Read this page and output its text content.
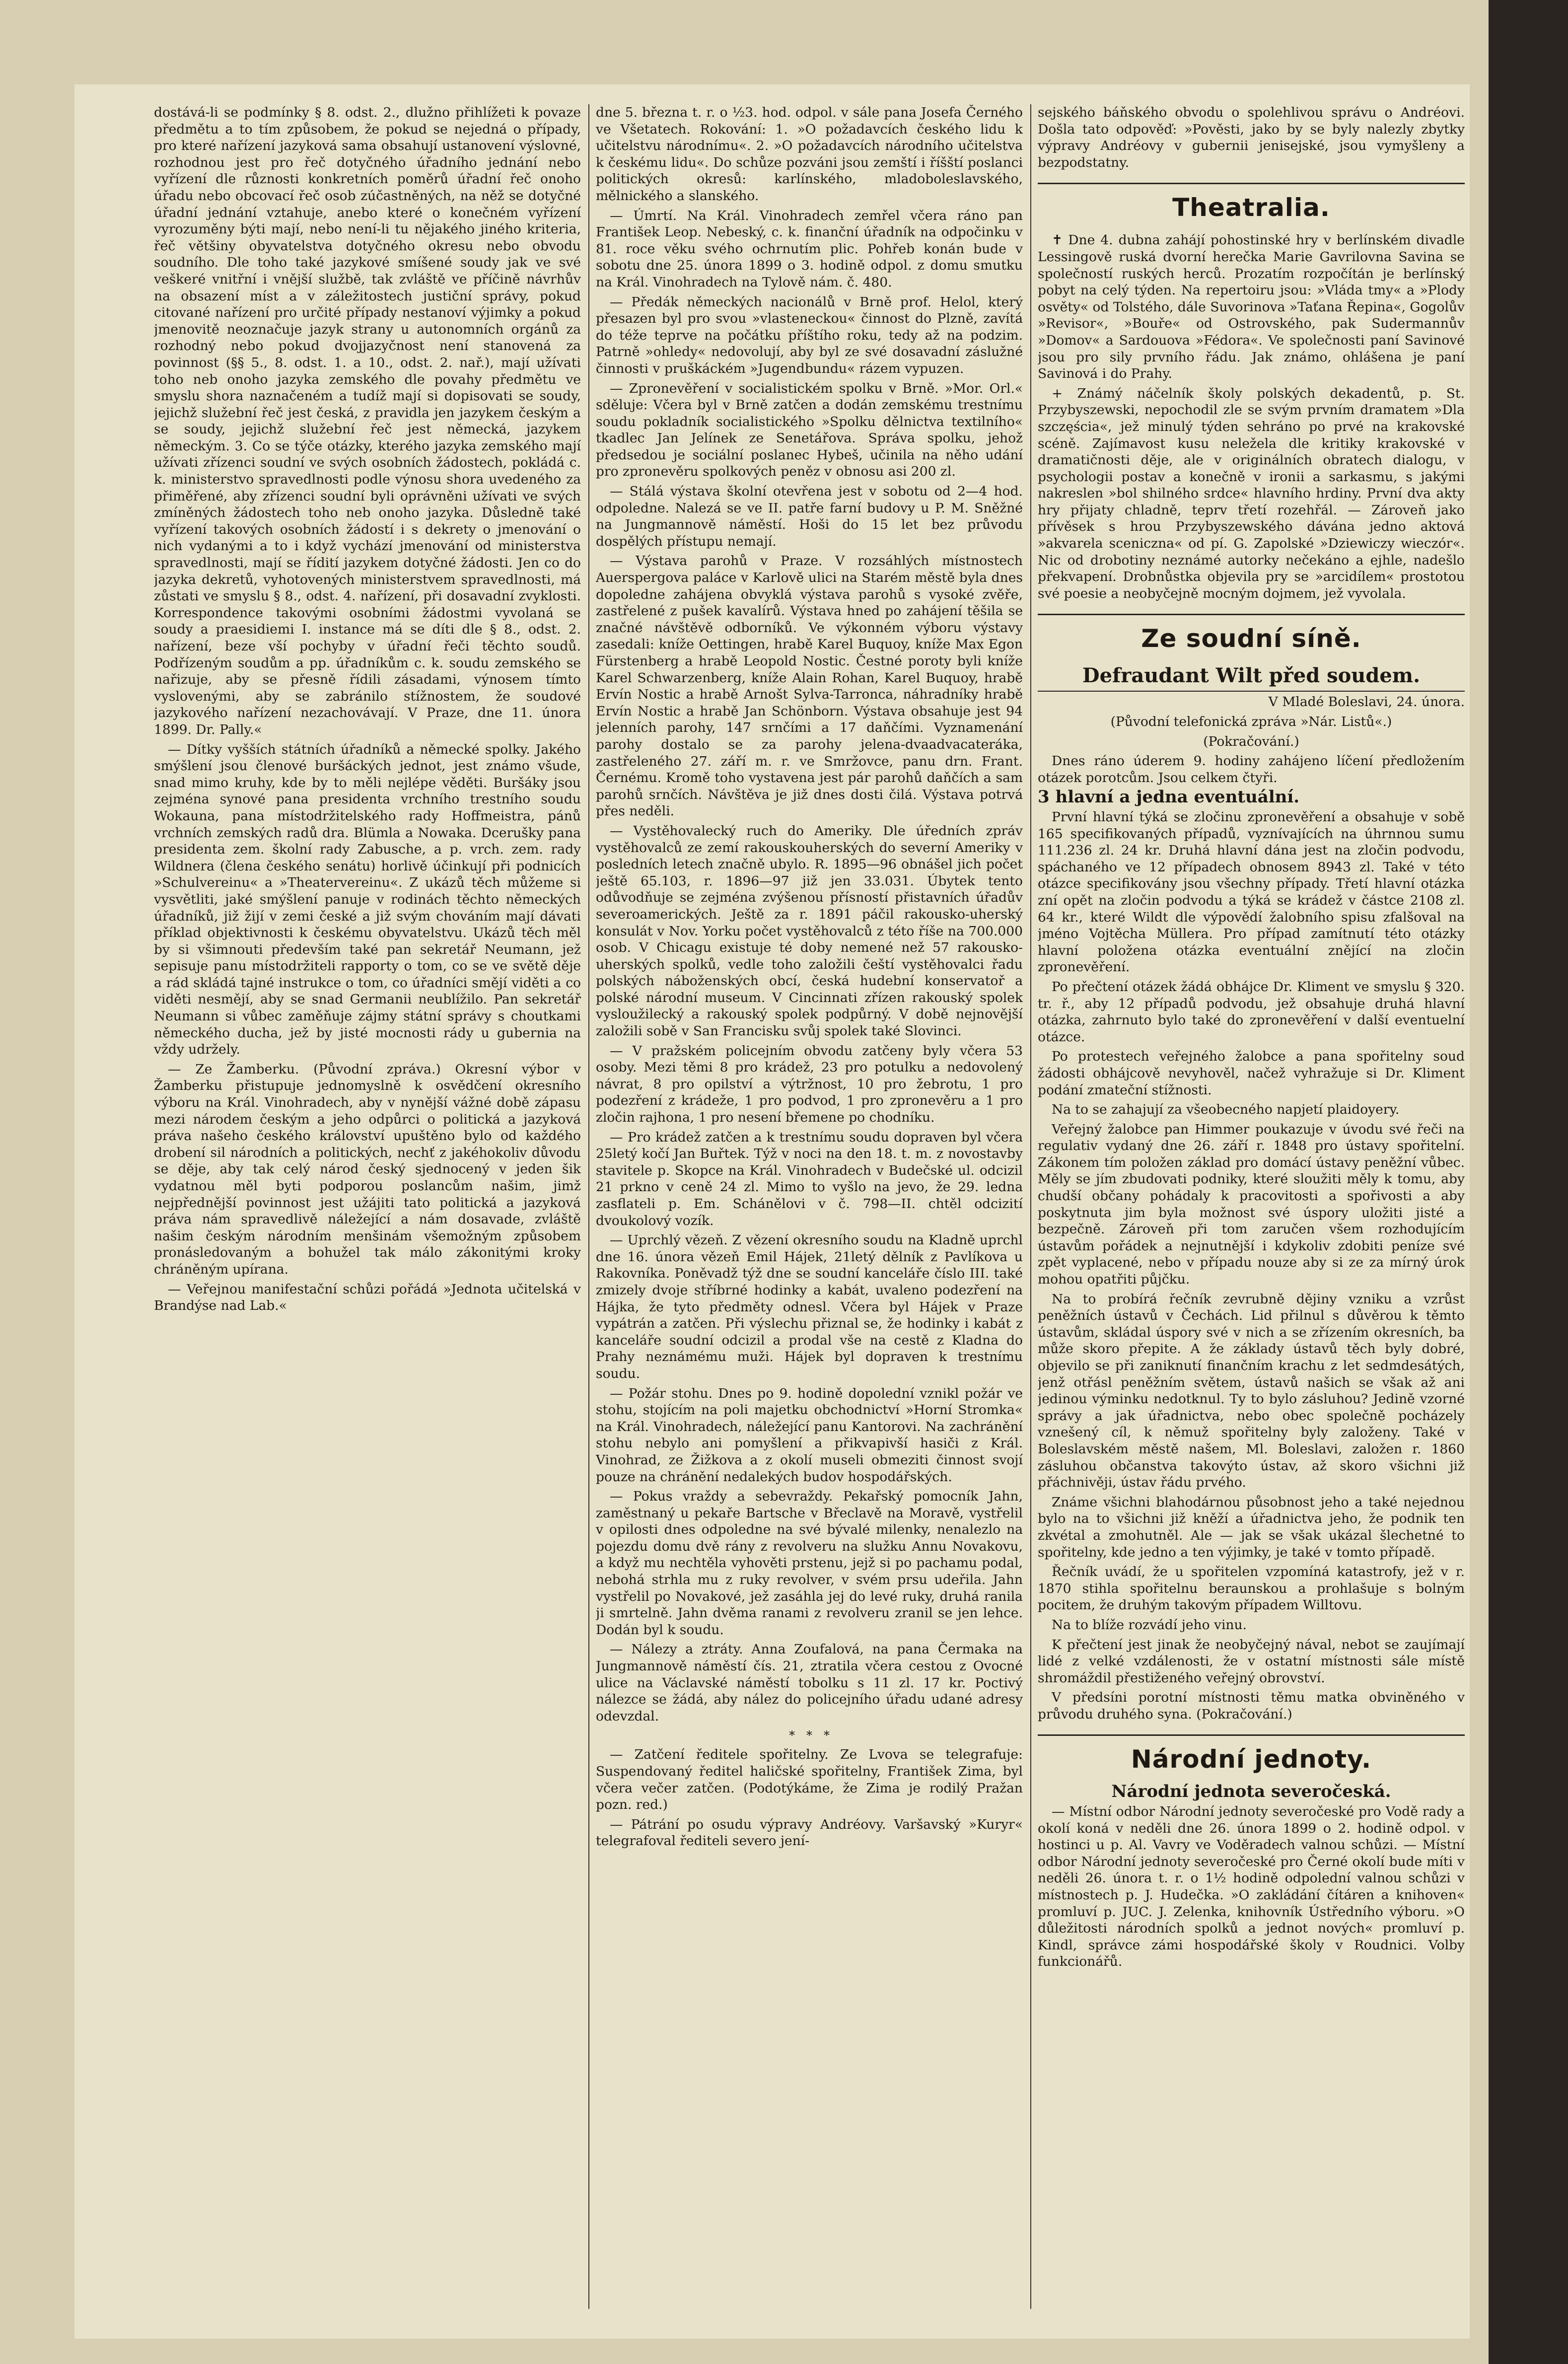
dostává-li se podmínky § 8. odst. 2., dlužno přihlížeti k povaze předmětu a to tím způsobem, že pokud se nejedná o případy, pro které nařízení jazyková sama obsahují ustanovení výslovné, rozhodnou jest pro řeč dotyčného úřadního jednání nebo vyřízení dle různosti konkretních poměrů úřadní řeč onoho úřadu nebo obcovací řeč osob zúčastněných, na něž se dotyčné úřadní jednání vztahuje, anebo které o konečném vyřízení vyrozuměny býti mají, nebo není-li tu nějakého jiného kriteria, řeč většiny obyvatelstva dotyčného okresu nebo obvodu soudního. Dle toho také jazykové smíšené soudy jak ve své veškeré vnitřní i vnější službě, tak zvláště ve příčině návrhův na obsazení míst a v záležitostech justiční správy, pokud citované nařízení pro určité případy nestanoví výjimky a pokud jmenovitě neoznačuje jazyk strany u autonomních orgánů za rozhodný nebo pokud dvojjazyčnost není stanovená za povinnost (§§ 5., 8. odst. 1. a 10., odst. 2. nař.), mají užívati toho neb onoho jazyka zemského dle povahy předmětu ve smyslu shora naznačeném a tudíž mají si dopisovati se soudy, jejichž služební řeč jest česká, z pravidla jen jazykem českým a se soudy, jejichž služební řeč jest německá, jazykem německým. 3. Co se týče otázky, kterého jazyka zemského mají užívati zřízenci soudní ve svých osobních žádostech, pokládá c. k. ministerstvo spravedlnosti podle výnosu shora uvedeného za přiměřené, aby zřízenci soudní byli oprávněni užívati ve svých zmíněných žádostech toho neb onoho jazyka. Důsledně také vyřízení takových osobních žádostí i s dekrety o jmenování o nich vydanými a to i když vychází jmenování od ministerstva spravedlnosti, mají se řídití jazykem dotyčné žádosti. Jen co do jazyka dekretů, vyhotovených ministerstvem spravedlnosti, má zůstati ve smyslu § 8., odst. 4. nařízení, při dosavadní zvyklosti. Korrespondence takovými osobními žádostmi vyvolaná se soudy a praesidiemi I. instance má se díti dle § 8., odst. 2. nařízení, beze vší pochyby v úřadní řeči těchto soudů. Podřízeným soudům a pp. úřadníkům c. k. soudu zemského se nařizuje, aby se přesně řídili zásadami, výnosem tímto vyslovenými, aby se zabránilo stížnostem, že soudové jazykového nařízení nezachovávají. V Praze, dne 11. února 1899. Dr. Pally.«

— Dítky vyšších státních úřadníků a německé spolky. Jakého smýšlení jsou členové buršáckých jednot, jest známo všude, snad mimo kruhy, kde by to měli nejlépe věděti. Buršáky jsou zejména synové pana presidenta vrchního trestního soudu Wokauna, pana místodržitelského rady Hoffmeistra, pánů vrchních zemských radů dra. Blümla a Nowaka. Dcerušky pana presidenta zem. školní rady Zabusche, a p. vrch. zem. rady Wildnera (člena českého senátu) horlivě účinkují při podnicích »Schulvereinu« a »Theatervereinu«. Z ukázů těch můžeme si vysvětliti, jaké smýšlení panuje v rodinách těchto německých úřadníků, již žijí v zemi české a již svým chováním mají dávati příklad objektivnosti k českému obyvatelstvu. Ukázů těch měl by si všimnouti především také pan sekretář Neumann, jež sepisuje panu místodržiteli rapporty o tom, co se ve světě děje a rád skládá tajné instrukce o tom, co úřadníci smějí viděti a co viděti nesmějí, aby se snad Germanii neublížilo. Pan sekretář Neumann si vůbec zaměňuje zájmy státní správy s choutkami německého ducha, jež by jisté mocnosti rády u guberniа na vždy udržely.

— Ze Žamberku. (Původní zpráva.) Okresní výbor v Žamberku přistupuje jednomyslně k osvědčení okresního výboru na Král. Vinohradech, aby v nynější vážné době zápasu mezi národem českým a jeho odpůrci o politická a jazyková práva našeho českého království upuštěno bylo od každého drobení sil národních a politických, nechť z jakéhokoliv důvodu se děje, aby tak celý národ český sjednocený v jeden šik vydatnou měl byti podporou poslancům našim, jimž nejpřednější povinnost jest užájiti tato politická a jazyková práva nám spravedlivě náležející a nám dosavade, zvláště našim českým národním menšinám všemožným způsobem pronásledovaným a bohužel tak málo zákonitými kroky chráněným upírana.

— Veřejnou manifestační schůzi pořádá »Jednota učitelská v Brandýse nad Lab.«

dne 5. března t. r. o ½3. hod. odpol. v sále pana Josefa Černého ve Všetatech. Rokování: 1. »O požadavcích českého lidu k učitelstvu národnímu«. 2. »O požadavcích národního učitelstva k českému lidu«. Do schůze pozváni jsou zemští i říšští poslanci politických okresů: karlínského, mladoboleslavského, mělnického a slanského.

— Úmrtí. Na Král. Vinohradech zemřel včera ráno pan František Leop. Nebeský, c. k. finanční úřadník na odpočinku v 81. roce věku svého ochrnutím plic. Pohřeb konán bude v sobotu dne 25. února 1899 o 3. hodině odpol. z domu smutku na Král. Vinohradech na Tylově nám. č. 480.

— Předák německých nacionálů v Brně prof. Helol, který přesazen byl pro svou »vlastenеckou« činnost do Plzně, zavítá do téže teprve na počátku příštího roku, tedy až na podzim. Patrně »ohledy« nedovolují, aby byl ze své dosavadní záslužné činnosti v pruškáckém »Jugendbundu« rázem vypuzen.

— Zpronevěření v socialistickém spolku v Brně. »Mor. Orl.« sděluje: Včera byl v Brně zatčen a dodán zemskému trestnímu soudu pokladník socialistického »Spolku dělnictva textilního« tkadlec Jan Jelínek ze Senetářova. Správa spolku, jehož předsedou je sociální poslanec Hybeš, učinila na něho udání pro zpronevěru spolkových peněz v obnosu asi 200 zl.

— Stálá výstava školní otevřena jest v sobotu od 2—4 hod. odpoledne. Nalezá se ve II. patře farní budovy u P. M. Sněžné na Jungmannově náměstí. Hoši do 15 let bez průvodu dospělých přístupu nemají.

— Výstava parohů v Praze. V rozsáhlých místnostech Auerspergova paláce v Karlově ulici na Starém městě byla dnes dopoledne zahájena obvyklá výstava parohů s vysoké zvěře, zastřelené z pušek kavalírů. Výstava hned po zahájení těšila se značné návštěvě odborníků. Ve výkonném výboru výstavy zasedali: kníže Oettingen, hrabě Karel Buquoy, kníže Max Egon Fürstenberg a hrabě Leopold Nostic. Čestné poroty byli kníže Karel Schwarzenberg, kníže Alain Rohan, Karel Buquoy, hrabě Ervín Nostic a hrabě Arnošt Sylva-Tarronca, náhradníky hrabě Ervín Nostic a hrabě Jan Schönborn. Výstava obsahuje jest 94 jelenních parohy, 147 srnčími a 17 daňčími. Vyznamenání parohy dostalo se za parohy jelena-dvaadvacateráka, zastřeleného 27. září m. r. ve Smržovce, panu drn. Frant. Černému. Kromě toho vystavena jest pár parohů daňčích a sam parohů srnčích. Návštěva je již dnes dosti čilá. Výstava potrvá přes neděli.

— Vystěhovalecký ruch do Ameriky. Dle úředních zpráv vystěhovalců ze zemí rakouskouherských do severní Ameriky v posledních letech značně ubylo. R. 1895—96 obnášel jich počet ještě 65.103, r. 1896—97 již jen 33.031. Úbytek tento odůvodňuje se zejména zvýšenou přísností přistavních úřadův severoamerických. Ještě za r. 1891 páčil rakousko-uherský konsulát v Nov. Yorku počet vystěhovalců z této říše na 700.000 osob. V Chicagu existuje té doby nemené než 57 rakousko-uherských spolků, vedle toho založili čeští vystěhovalci řadu polských náboženských obcí, česká hudební konservatoř a polské národní museum. V Cincinnati zřízen rakouský spolek vysloužilecký a rakouský spolek podpůrný. V době nejnovější založili sobě v San Francisku svůj spolek také Slovinci.

— V pražském policejním obvodu zatčeny byly včera 53 osoby. Mezi těmi 8 pro krádež, 23 pro potulku a nedovolený návrat, 8 pro opilství a výtržnost, 10 pro žebrotu, 1 pro podezření z krádeže, 1 pro podvod, 1 pro zpronevěru a 1 pro zločin rajhona, 1 pro nesení břemene po chodníku.

— Pro krádež zatčen a k trestnímu soudu dopraven byl včera 25letý kočí Jan Buřtek. Týž v noci na den 18. t. m. z novostavby stavitele p. Skopce na Král. Vinohradech v Budečské ul. odcizil 21 prkno v ceně 24 zl. Mimo to vyšlo na jevo, že 29. ledna zasflateli p. Em. Schánělovi v č. 798—II. chtěl odcizití dvoukolový vozík.

— Uprchlý vězeň. Z vězení okresního soudu na Kladně uprchl dne 16. února vězeň Emil Hájek, 21letý dělník z Pavlíkova u Rakovníka. Poněvadž týž dne se soudní kanceláře číslo III. také zmizely dvoje stříbrné hodinky a kabát, uvaleno podezření na Hájka, že tyto předměty odnesl. Včera byl Hájek v Praze vypátrán a zatčen. Při výslechu přiznal se, že hodinky i kabát z kanceláře soudní odcizil a prodal vše na cestě z Kladna do Prahy neznámému muži. Hájek byl dopraven k trestnímu soudu.

— Požár stohu. Dnes po 9. hodině dopolední vznikl požár ve stohu, stojícím na poli majetku obchodnictví »Horní Stromka« na Král. Vinohradech, náležející panu Kantorovi. Na zachránění stohu nebylo ani pomyšlení a přikvapivší hasiči z Král. Vinohrad, ze Žižkova a z okolí museli obmeziti činnost svojí pouze na chránění nedalekých budov hospodářských.

— Pokus vraždy a sebevraždy. Pekařský pomocník Jahn, zaměstnaný u pekaře Bartsche v Břeclavě na Moravě, vystřelil v opilosti dnes odpoledne na své bývalé milenky, nenalezlo na pojezdu domu dvě rány z revolveru na služku Annu Novakovu, a když mu nechtěla vyhověti prstenu, jejž si po pachamu podal, nebohá strhla mu z ruky revolver, v svém prsu udeřila. Jahn vystřelil po Novakové, jež zasáhla jej do levé ruky, druhá ranila ji smrtelně. Jahn dvěma ranami z revolveru zranil se jen lehce. Dodán byl k soudu.

— Nálezy a ztráty. Anna Zoufalová, na pana Čermaka na Jungmannově náměstí čís. 21, ztratila včera cestou z Ovocné ulice na Václavské náměstí tobolku s 11 zl. 17 kr. Poctivý nálezce se žádá, aby nález do policejního úřadu udané adresy odevzdal.

*   *   *

— Zatčení ředitele spořitelny. Ze Lvova se telegrafuje: Suspendovaný ředitel haličské spořitelny, František Zima, byl včera večer zatčen. (Podotýkáme, že Zima je rodilý Pražan pozn. red.)

— Pátrání po osudu výpravy Andréovy. Varšavský »Kuryr« telegrafoval řediteli severo jení-

sejského báňského obvodu o spolehlivou správu o Andréovi. Došla tato odpověď: »Pověsti, jako by se byly nalezly zbytky výpravy Andréovy v gubernii jenisejské, jsou vymyšleny a bezpodstatny.

Theatralia.

✝ Dne 4. dubna zahájí pohostinské hry v berlínském divadle Lessingově ruská dvorní herečka Marie Gavrilovna Savina se společností ruských herců. Prozatím rozpočítán je berlínský pobyt na celý týden. Na repertoiru jsou: »Vláda tmy« a »Plody osvěty« od Tolstého, dále Suvorinova »Taťana Řepina«, Gogolův »Revisor«, »Bouře« od Ostrovského, pak Sudermannův »Domov« a Sardouova »Fédora«. Ve společnosti paní Savinové jsou pro sily prvního řádu. Jak známo, ohlášena je paní Savinová i do Prahy.

+ Známý náčelník školy polských dekadentů, p. St. Przybyszewski, nepochodil zle se svým prvním dramatem »Dla szczęścia«, jež minulý týden sehráno po prvé na krakovské scéně. Zajímavost kusu neležela dle kritiky krakovské v dramatičnosti děje, ale v originálních obratech dialogu, v psychologii postav a konečně v ironii a sarkasmu, s jakými nakreslen »bol shilného srdce« hlavního hrdiny. První dva akty hry přijaty chladně, teprv třetí rozehřál. — Zároveň jako přívěsek s hrou Przybyszewského dávána jedno aktová »akvarela sceniczna« od pí. G. Zapolské »Dziewiczy wieczór«. Nic od drobotiny neznámé autorky nečekáno a ejhle, nadešlo překvapení. Drobnůstka objevila pry se »arcidílem« prostotou své poesie a neobyčejně mocným dojmem, jež vyvolala.

Ze soudní síně.
Defraudant Wilt před soudem.

V Mladé Boleslavi, 24. února.

(Původní telefonická zpráva »Nár. Listů«.)

(Pokračování.)

Dnes ráno úderem 9. hodiny zahájeno líčení předložením otázek porotcům. Jsou celkem čtyři.

3 hlavní a jedna eventuální.

První hlavní týká se zločinu zpronevěření a obsahuje v sobě 165 specifikovaných případů, vyznívajících na úhrnnou sumu 111.236 zl. 24 kr. Druhá hlavní dána jest na zločin podvodu, spáchaného ve 12 případech obnosem 8943 zl. Také v této otázce specifikovány jsou všechny případy. Třetí hlavní otázka zní opět na zločin podvodu a týká se krádež v částce 2108 zl. 64 kr., které Wildt dle výpovědí žalobního spisu zfalšoval na jméno Vojtěcha Müllera. Pro případ zamítnutí této otázky hlavní položena otázka eventuální znějící na zločin zpronevěření.

Po přečtení otázek žádá obhájce Dr. Kliment ve smyslu § 320. tr. ř., aby 12 případů podvodu, jež obsahuje druhá hlavní otázka, zahrnuto bylo také do zpronevěření v další eventuelní otázce.

Po protestech veřejného žalobce a pana spořitelny soud žádosti obhájcově nevyhověl, načež vyhražuje si Dr. Kliment podání zmateční stížnosti.

Na to se zahajují za všeobecného napjetí plaidoyery.

Veřejný žalobce pan Himmer poukazuje v úvodu své řeči na regulativ vydaný dne 26. září r. 1848 pro ústavy spořitelní. Zákonem tím položen základ pro domácí ústavy peněžní vůbec. Měly se jím zbudovati podniky, které sloužiti měly k tomu, aby chudší občany pohádaly k pracovitosti a spořivosti a aby poskytnuta jim byla možnost své úspory uložiti jisté a bezpečně. Zároveň při tom zaručen všem rozhodujícím ústavům pořádek a nejnutnější i kdykoliv zdobiti peníze své zpět vyplacené, nebo v případu nouze aby si ze za mírný úrok mohou opatřiti půjčku.

Na to probírá řečník zevrubně dějiny vzniku a vzrůst peněžních ústavů v Čechách. Lid přilnul s důvěrou k těmto ústavům, skládal úspory své v nich a se zřízením okresních, ba může skoro přepite. A že základy ústavů těch byly dobré, objevilo se při zaniknutí finančním krachu z let sedmdesátých, jenž otřásl peněžním světem, ústavů našich se však až ani jedinou výminku nedotknul. Ty to bylo zásluhou? Jedině vzorné správy a jak úřadnictva, nebo obec společně pocházely vznešený cíl, k němuž spořitelny byly založeny. Také v Boleslavském městě našem, Ml. Boleslavi, založen r. 1860 zásluhou občanstva takovýto ústav, až skoro všichni již přáchnivěji, ústav řádu prvého.

Známe všichni blahodárnou působnost jeho a také nejednou bylo na to všichni již kněží a úřadnictva jeho, že podnik ten zkvétal a zmohutněl. Ale — jak se však ukázal šlechetné to spořitelny, kde jedno a ten výjimky, je také v tomto případě.

Řečník uvádí, že u spořitelen vzpomíná katastrofy, jež v r. 1870 stihla spořitelnu beraunskou a prohlašuje s bolným pocitem, že druhým takovým případem Willtovu.

Na to blíže rozvádí jeho vinu.

K přečtení jest jinak že neobyčejný nával, nebot se zaujímají lidé z velké vzdálenosti, že v ostatní místnosti sále místě shromáždil přestiženého veřejný obrovství.

V předsíni porotní místnosti těmu matka obviněného v průvodu druhého syna. (Pokračování.)

Národní jednoty.

Národní jednota severočeská.

— Místní odbor Národní jednoty severočeské pro Vodě rady a okolí koná v neděli dne 26. února 1899 o 2. hodině odpol. v hostinci u p. Al. Vavry ve Voděradech valnou schůzi. — Místní odbor Národní jednoty severočeské pro Černé okolí bude míti v neděli 26. února t. r. o 1½ hodině odpolední valnou schůzi v místnostech p. J. Hudečka. »O zakládání čítáren a knihoven« promluví p. JUC. J. Zelenka, knihovník Ústředního výboru. »O důležitosti národních spolků a jednot nových« promluví p. Kindl, správce zámi hospodářské školy v Roudnici. Volby funkcionářů.
